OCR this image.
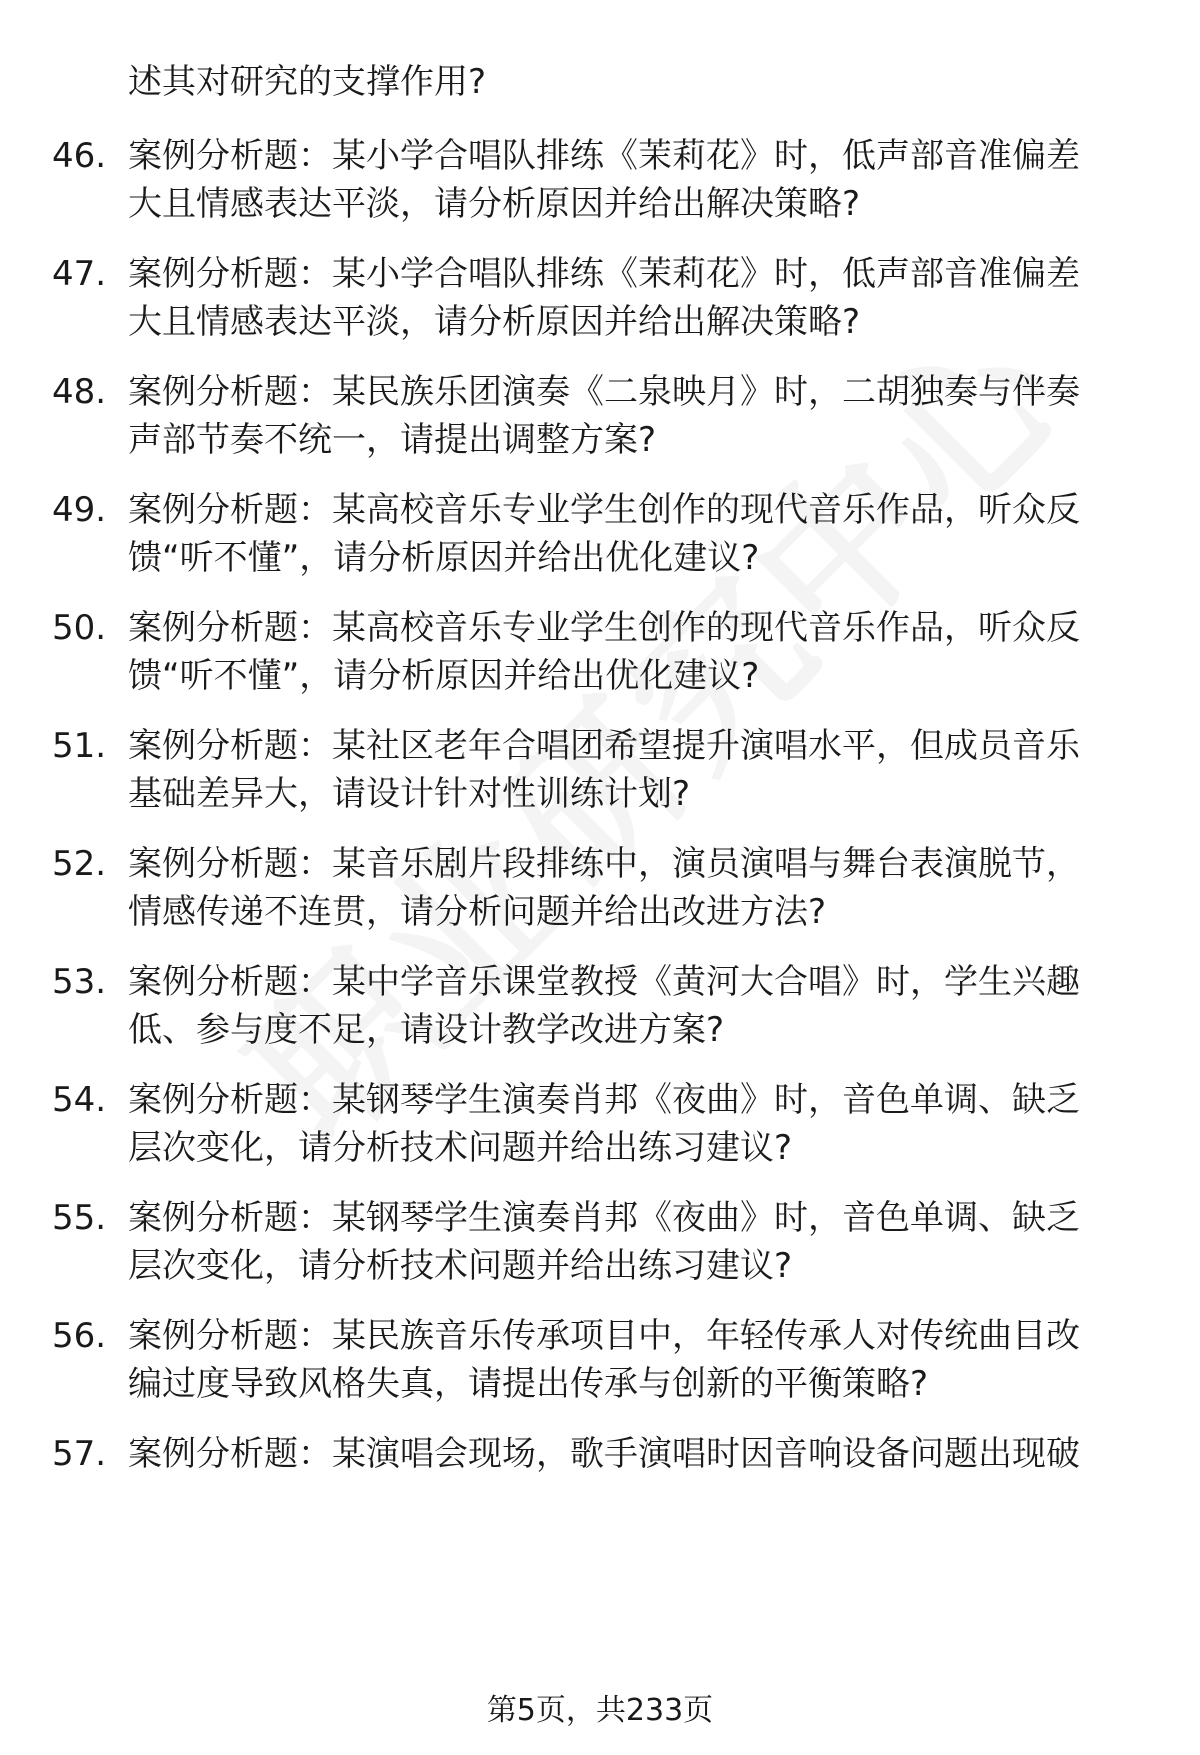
述其对研究的支撑作用?

46. 案例分析题：某小学合唱队排练《茉莉花》时，低声部音准偏差
大且情感表达平淡，请分析原因并给出解决策略?

47. 案例分析题：某小学合唱队排练《茉莉花》时，低声部音准偏差
大且情感表达平淡，请分析原因并给出解决策略?

48. 案例分析题：某民族乐团演奏《二泉映月》时，二胡独奏与伴奏
声部节奏不统一，请提出调整方案?

49. 案例分析题：某高校音乐专业学生创作的现代音乐作品，听众反
馈“听不懂”，请分析原因并给出优化建议?

50. 案例分析题：某高校音乐专业学生创作的现代音乐作品，听众反
馈“听不懂”，请分析原因并给出优化建议?

51. 案例分析题：某社区老年合唱团希望提升演唱水平，但成员音乐
基础差异大，请设计针对性训练计划?

52. 案例分析题：某音乐剧片段排练中，演员演唱与舞台表演脱节，
情感传递不连贯，请分析问题并给出改进方法?

53. 案例分析题：某中学音乐课堂教授《黄河大合唱》时，学生兴趣
低、参与度不足，请设计教学改进方案?

54. 案例分析题：某钢琴学生演奏肖邦《夜曲》时，音色单调、缺乏
层次变化，请分析技术问题并给出练习建议?

55. 案例分析题：某钢琴学生演奏肖邦《夜曲》时，音色单调、缺乏
层次变化，请分析技术问题并给出练习建议?

56. 案例分析题：某民族音乐传承项目中，年轻传承人对传统曲目改
编过度导致风格失真，请提出传承与创新的平衡策略?

57. 案例分析题：某演唱会现场，歌手演唱时因音响设备问题出现破

第5页，共233页
